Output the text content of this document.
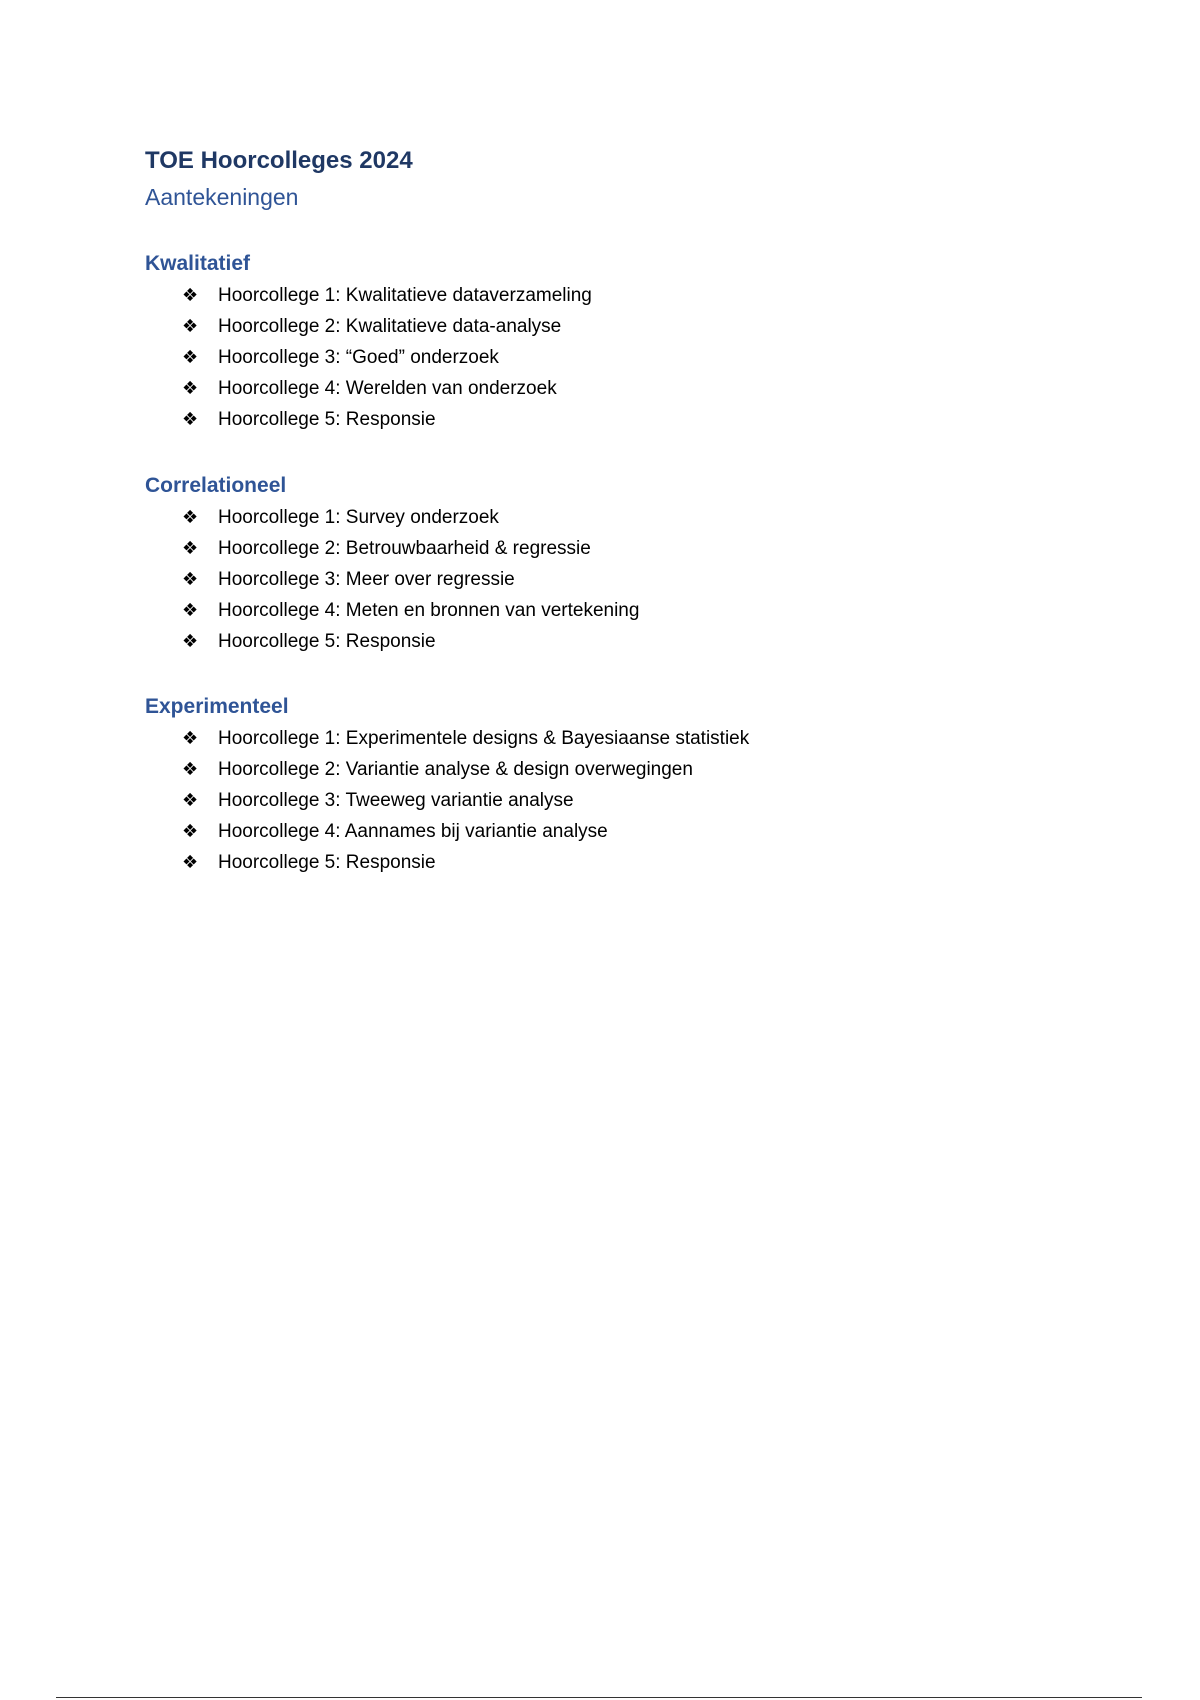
TOE Hoorcolleges 2024
Aantekeningen
Kwalitatief
❖ Hoorcollege 1: Kwalitatieve dataverzameling
❖ Hoorcollege 2: Kwalitatieve data-analyse
❖ Hoorcollege 3: “Goed” onderzoek
❖ Hoorcollege 4: Werelden van onderzoek
❖ Hoorcollege 5: Responsie
Correlationeel
❖ Hoorcollege 1: Survey onderzoek
❖ Hoorcollege 2: Betrouwbaarheid & regressie
❖ Hoorcollege 3: Meer over regressie
❖ Hoorcollege 4: Meten en bronnen van vertekening
❖ Hoorcollege 5: Responsie
Experimenteel
❖ Hoorcollege 1: Experimentele designs & Bayesiaanse statistiek
❖ Hoorcollege 2: Variantie analyse & design overwegingen
❖ Hoorcollege 3: Tweeweg variantie analyse
❖ Hoorcollege 4: Aannames bij variantie analyse
❖ Hoorcollege 5: Responsie
